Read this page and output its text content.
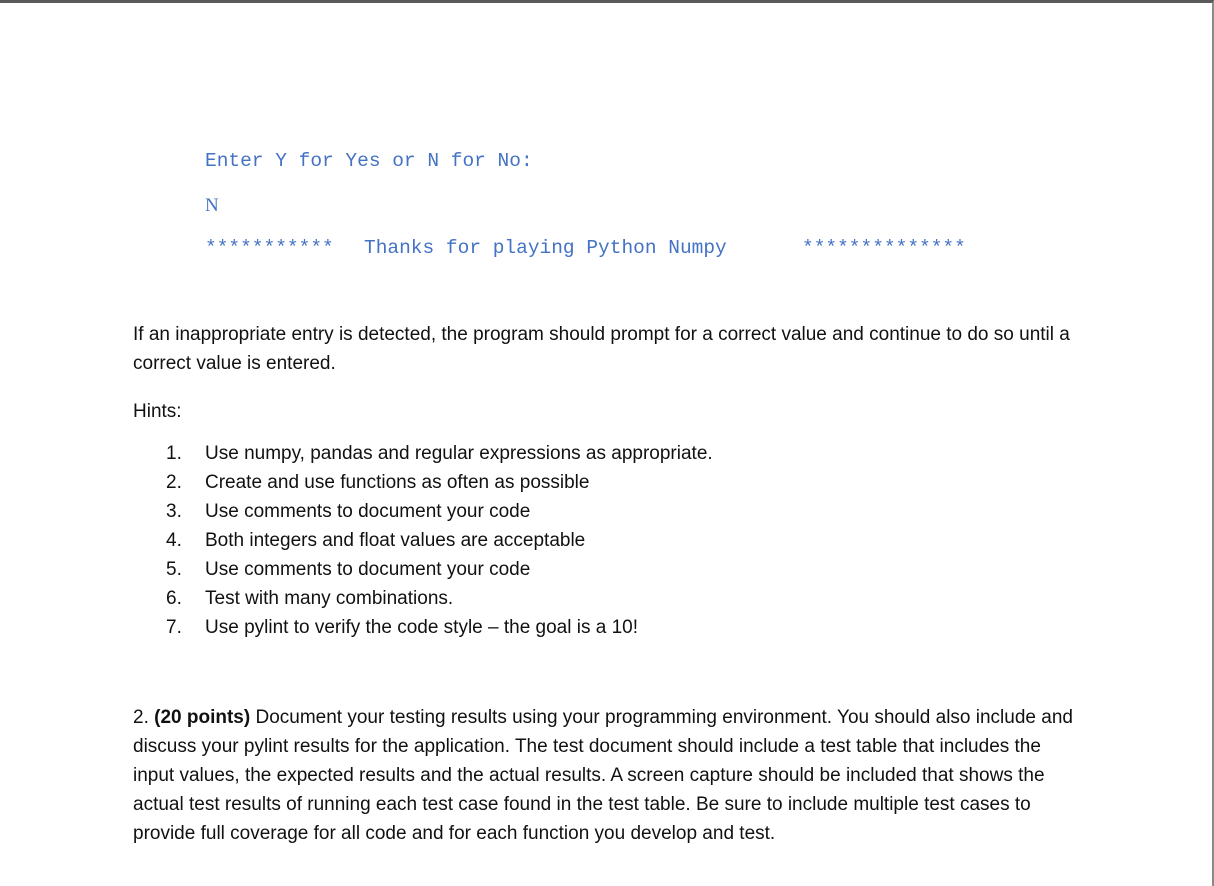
Enter Y for Yes or N for No:
N
*********** Thanks for playing Python Numpy	**************

If an inappropriate entry is detected, the program should prompt for a correct value and continue to do so until a correct value is entered.

Hints:

1. Use numpy, pandas and regular expressions as appropriate.
2. Create and use functions as often as possible
3. Use comments to document your code
4. Both integers and float values are acceptable
5. Use comments to document your code
6. Test with many combinations.
7. Use pylint to verify the code style – the goal is a 10!

2. (20 points) Document your testing results using your programming environment. You should also include and discuss your pylint results for the application. The test document should include a test table that includes the input values, the expected results and the actual results. A screen capture should be included that shows the actual test results of running each test case found in the test table. Be sure to include multiple test cases to provide full coverage for all code and for each function you develop and test.
